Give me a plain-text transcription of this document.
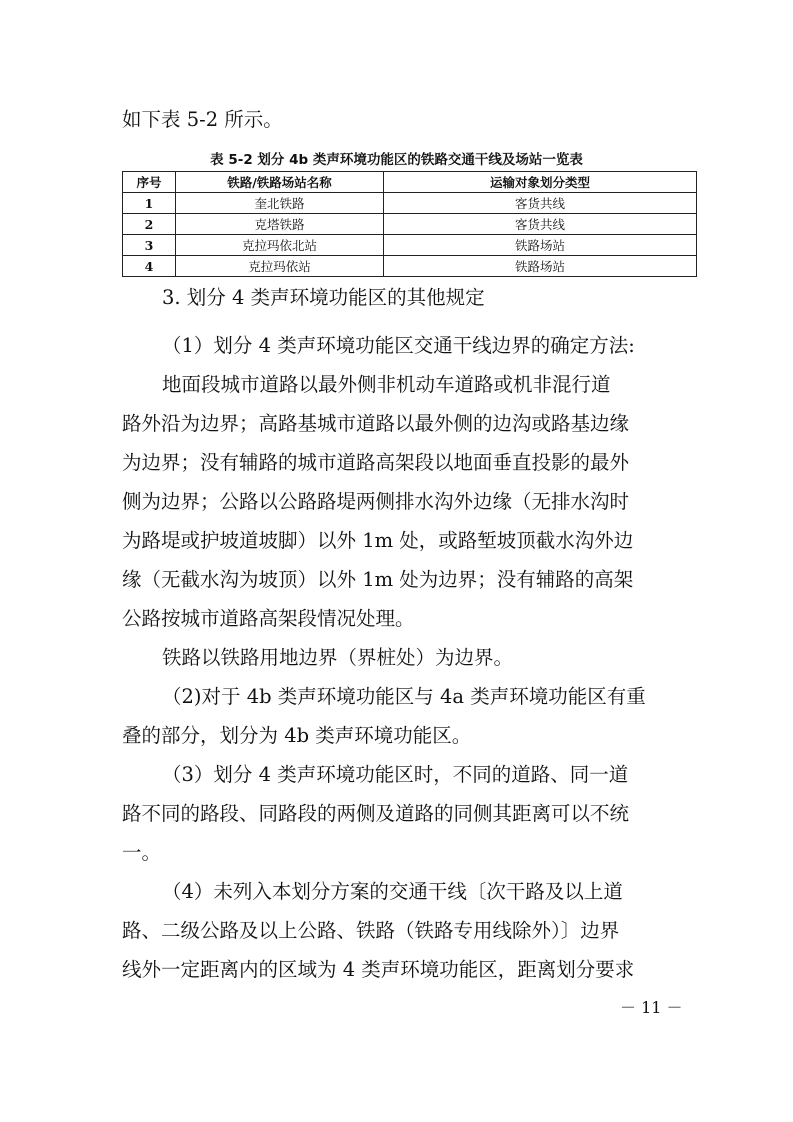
如下表 5-2 所示。
表 5-2 划分 4b 类声环境功能区的铁路交通干线及场站一览表
序号	铁路/铁路场站名称	运输对象划分类型
1	奎北铁路	客货共线
2	克塔铁路	客货共线
3	克拉玛依北站	铁路场站
4	克拉玛依站	铁路场站
3. 划分 4 类声环境功能区的其他规定
（1）划分 4 类声环境功能区交通干线边界的确定方法:
地面段城市道路以最外侧非机动车道路或机非混行道
路外沿为边界；高路基城市道路以最外侧的边沟或路基边缘
为边界；没有辅路的城市道路高架段以地面垂直投影的最外
侧为边界；公路以公路路堤两侧排水沟外边缘（无排水沟时
为路堤或护坡道坡脚）以外 1m 处，或路堑坡顶截水沟外边
缘（无截水沟为坡顶）以外 1m 处为边界；没有辅路的高架
公路按城市道路高架段情况处理。
铁路以铁路用地边界（界桩处）为边界。
（2)对于 4b 类声环境功能区与 4a 类声环境功能区有重
叠的部分，划分为 4b 类声环境功能区。
（3）划分 4 类声环境功能区时，不同的道路、同一道
路不同的路段、同路段的两侧及道路的同侧其距离可以不统
一。
（4）未列入本划分方案的交通干线〔次干路及以上道
路、二级公路及以上公路、铁路（铁路专用线除外）〕边界
线外一定距离内的区域为 4 类声环境功能区，距离划分要求
－ 11 －
